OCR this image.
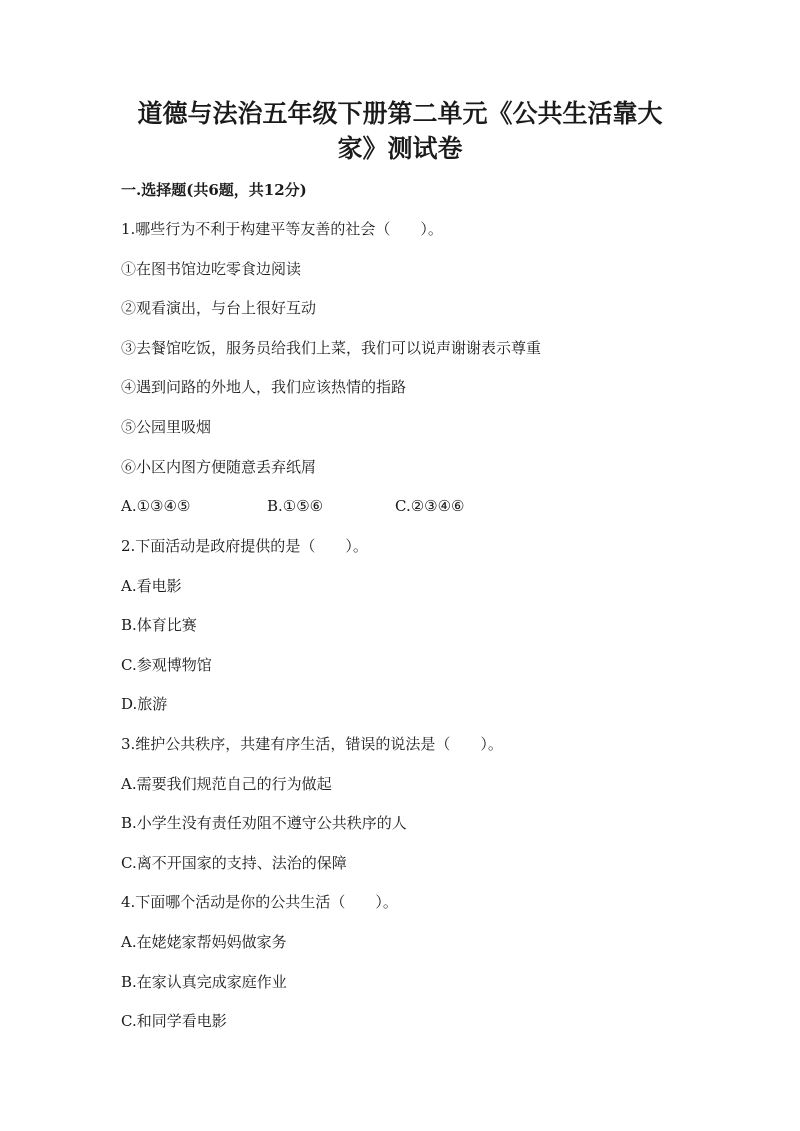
道德与法治五年级下册第二单元《公共生活靠大
家》测试卷
一.选择题(共6题，共12分)
1.哪些行为不利于构建平等友善的社会（　　）。
①在图书馆边吃零食边阅读
②观看演出，与台上很好互动
③去餐馆吃饭，服务员给我们上菜，我们可以说声谢谢表示尊重
④遇到问路的外地人，我们应该热情的指路
⑤公园里吸烟
⑥小区内图方便随意丢弃纸屑
A.①③④⑤	B.①⑤⑥	C.②③④⑥
2.下面活动是政府提供的是（　　）。
A.看电影
B.体育比赛
C.参观博物馆
D.旅游
3.维护公共秩序，共建有序生活，错误的说法是（　　）。
A.需要我们规范自己的行为做起
B.小学生没有责任劝阻不遵守公共秩序的人
C.离不开国家的支持、法治的保障
4.下面哪个活动是你的公共生活（　　）。
A.在姥姥家帮妈妈做家务
B.在家认真完成家庭作业
C.和同学看电影
